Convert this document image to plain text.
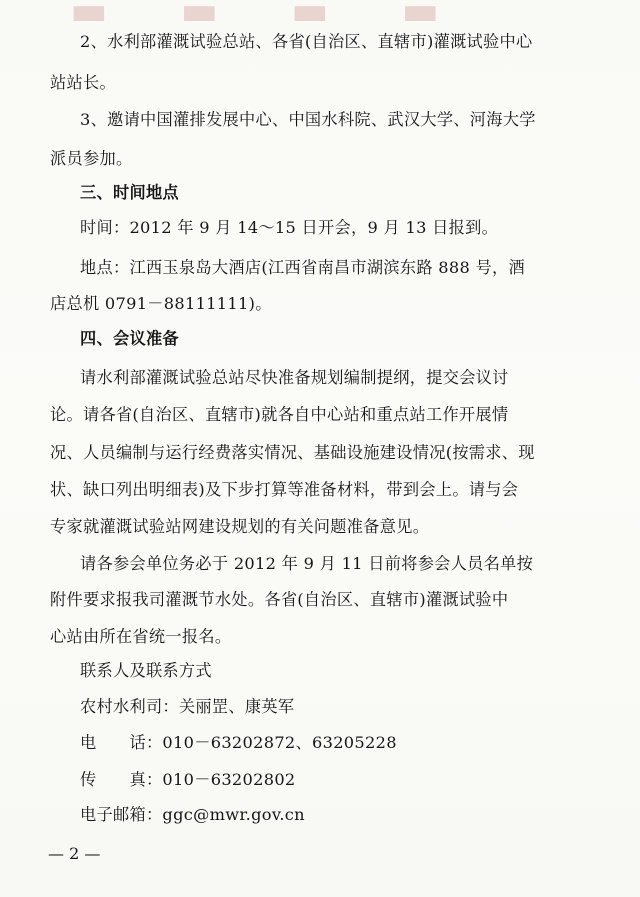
▬ ▬ ▬ ▬
2、水利部灌溉试验总站、各省(自治区、直辖市)灌溉试验中心
站站长。
3、邀请中国灌排发展中心、中国水科院、武汉大学、河海大学
派员参加。
三、时间地点
时间：2012 年 9 月 14～15 日开会，9 月 13 日报到。
地点：江西玉泉岛大酒店(江西省南昌市湖滨东路 888 号，酒
店总机 0791－88111111)。
四、会议准备
请水利部灌溉试验总站尽快准备规划编制提纲，提交会议讨
论。请各省(自治区、直辖市)就各自中心站和重点站工作开展情
况、人员编制与运行经费落实情况、基础设施建设情况(按需求、现
状、缺口列出明细表)及下步打算等准备材料，带到会上。请与会
专家就灌溉试验站网建设规划的有关问题准备意见。
请各参会单位务必于 2012 年 9 月 11 日前将参会人员名单按
附件要求报我司灌溉节水处。各省(自治区、直辖市)灌溉试验中
心站由所在省统一报名。
联系人及联系方式
农村水利司：关丽罡、康英军
电　　话：010－63202872、63205228
传　　真：010－63202802
电子邮箱：ggc@mwr.gov.cn
— 2 —
